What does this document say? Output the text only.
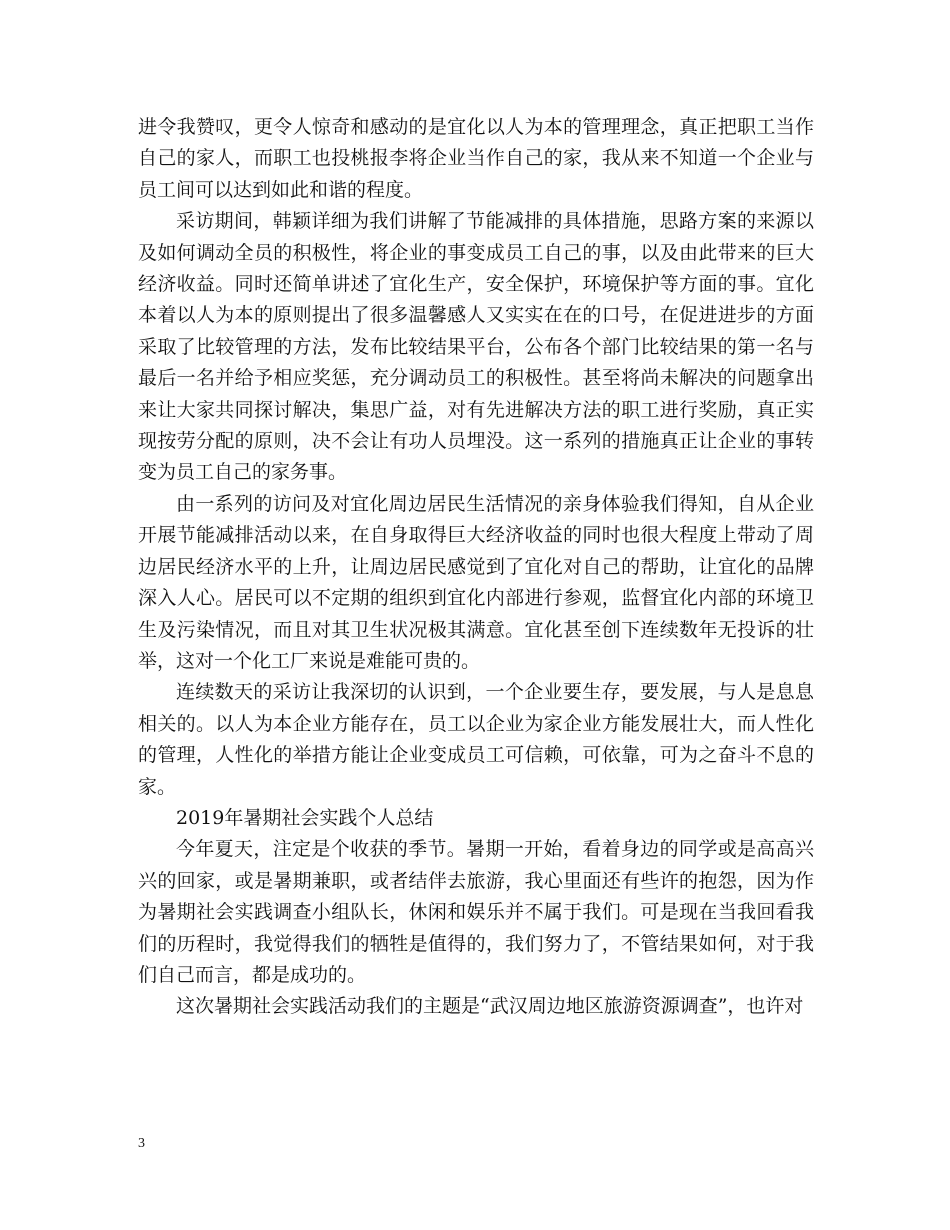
进令我赞叹，更令人惊奇和感动的是宜化以人为本的管理理念，真正把职工当作自己的家人，而职工也投桃报李将企业当作自己的家，我从来不知道一个企业与员工间可以达到如此和谐的程度。

采访期间，韩颖详细为我们讲解了节能减排的具体措施，思路方案的来源以及如何调动全员的积极性，将企业的事变成员工自己的事，以及由此带来的巨大经济收益。同时还简单讲述了宜化生产，安全保护，环境保护等方面的事。宜化本着以人为本的原则提出了很多温馨感人又实实在在的口号，在促进进步的方面采取了比较管理的方法，发布比较结果平台，公布各个部门比较结果的第一名与最后一名并给予相应奖惩，充分调动员工的积极性。甚至将尚未解决的问题拿出来让大家共同探讨解决，集思广益，对有先进解决方法的职工进行奖励，真正实现按劳分配的原则，决不会让有功人员埋没。这一系列的措施真正让企业的事转变为员工自己的家务事。

由一系列的访问及对宜化周边居民生活情况的亲身体验我们得知，自从企业开展节能减排活动以来，在自身取得巨大经济收益的同时也很大程度上带动了周边居民经济水平的上升，让周边居民感觉到了宜化对自己的帮助，让宜化的品牌深入人心。居民可以不定期的组织到宜化内部进行参观，监督宜化内部的环境卫生及污染情况，而且对其卫生状况极其满意。宜化甚至创下连续数年无投诉的壮举，这对一个化工厂来说是难能可贵的。

连续数天的采访让我深切的认识到，一个企业要生存，要发展，与人是息息相关的。以人为本企业方能存在，员工以企业为家企业方能发展壮大，而人性化的管理，人性化的举措方能让企业变成员工可信赖，可依靠，可为之奋斗不息的家。

2019年暑期社会实践个人总结

今年夏天，注定是个收获的季节。暑期一开始，看着身边的同学或是高高兴兴的回家，或是暑期兼职，或者结伴去旅游，我心里面还有些许的抱怨，因为作为暑期社会实践调查小组队长，休闲和娱乐并不属于我们。可是现在当我回看我们的历程时，我觉得我们的牺牲是值得的，我们努力了，不管结果如何，对于我们自己而言，都是成功的。

这次暑期社会实践活动我们的主题是“武汉周边地区旅游资源调查”，也许对

3
